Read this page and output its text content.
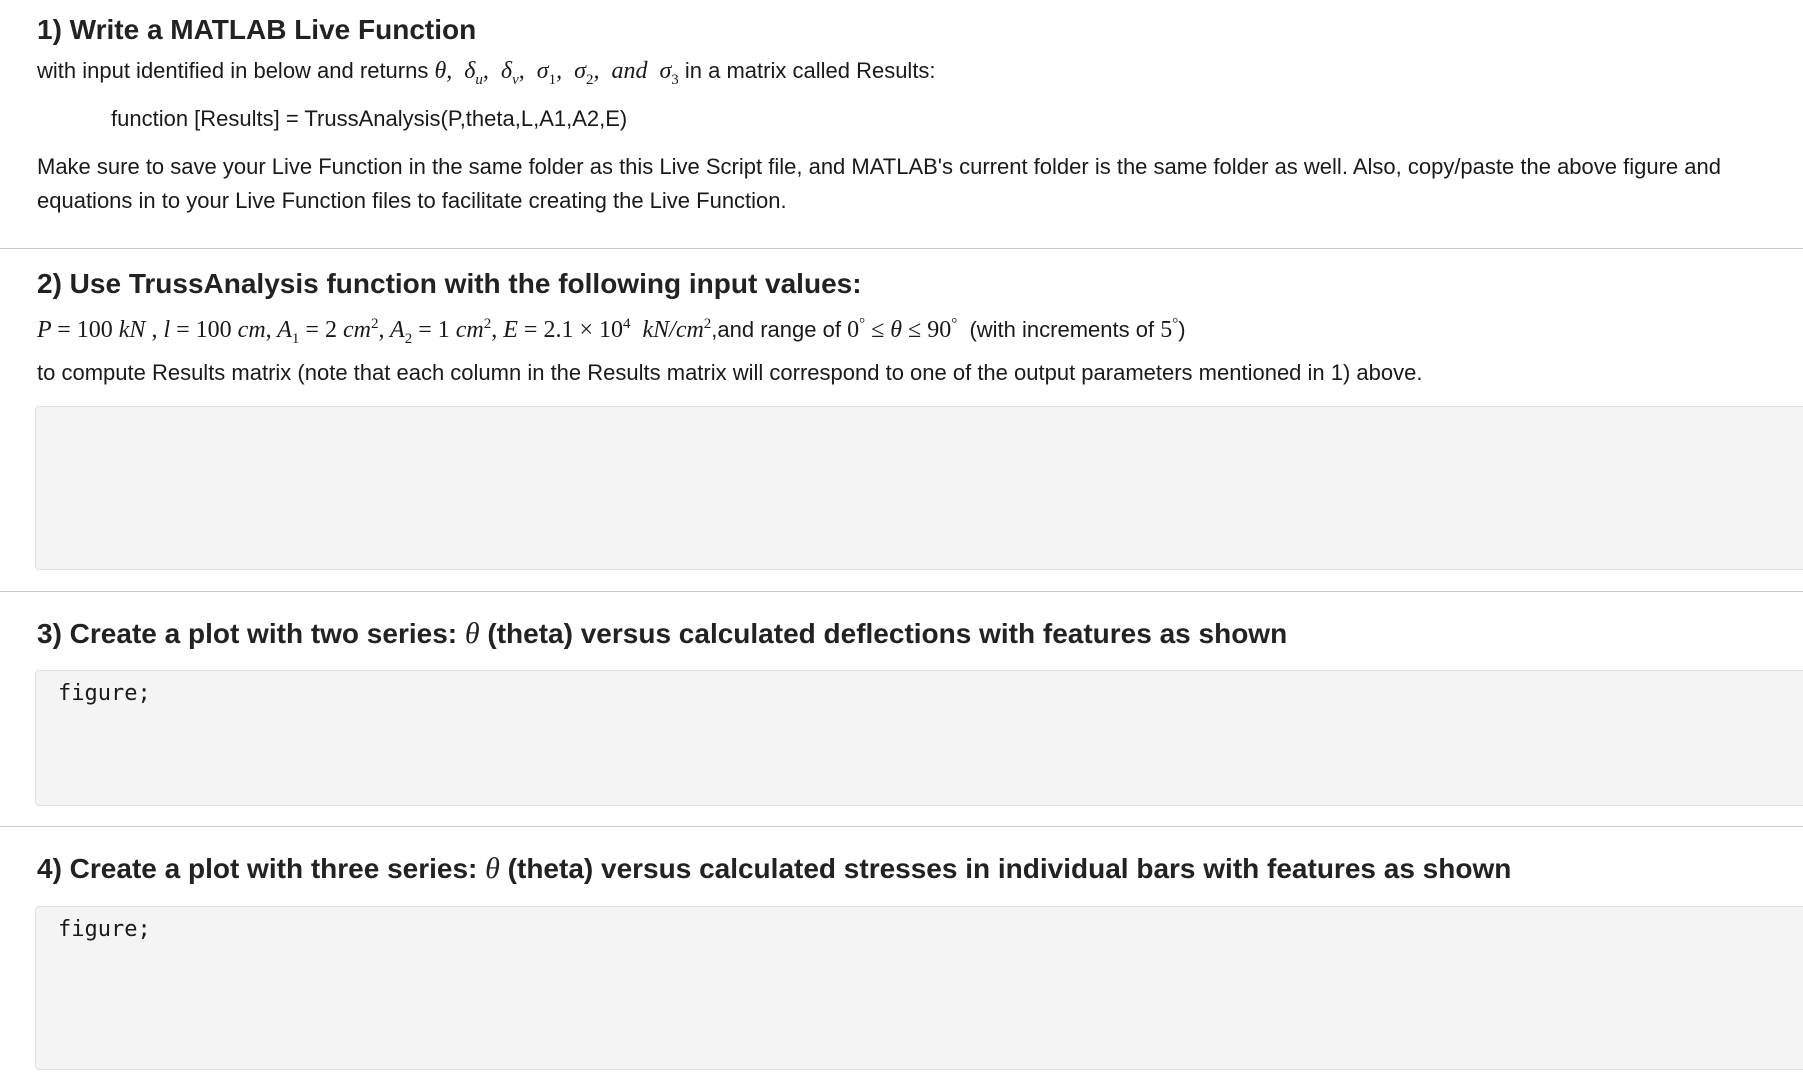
1) Write a MATLAB Live Function

with input identified in below and returns θ, $\delta_u$, $\delta_v$, $\sigma_1$, $\sigma_2$, and $\sigma_3$ in a matrix called Results:

function [Results] = TrussAnalysis(P,theta,L,A1,A2,E)

Make sure to save your Live Function in the same folder as this Live Script file, and MATLAB's current folder is the same folder as well. Also, copy/paste the above figure and equations in to your Live Function files to facilitate creating the Live Function.

2) Use TrussAnalysis function with the following input values:

P = 100 kN , l = 100 cm, $A_1 = 2$ $cm^2$, $A_2 = 1$ $cm^2$, $E = 2.1 \times 10^4$ $kN/cm^2,and$ range of 0° ≤ θ ≤ 90° (with increments of 5°)

to compute Results matrix (note that each column in the Results matrix will correspond to one of the output parameters mentioned in 1) above.

3) Create a plot with two series: θ (theta) versus calculated deflections with features as shown
figure;
4) Create a plot with three series: θ (theta) versus calculated stresses in individual bars with features as shown
figure;
